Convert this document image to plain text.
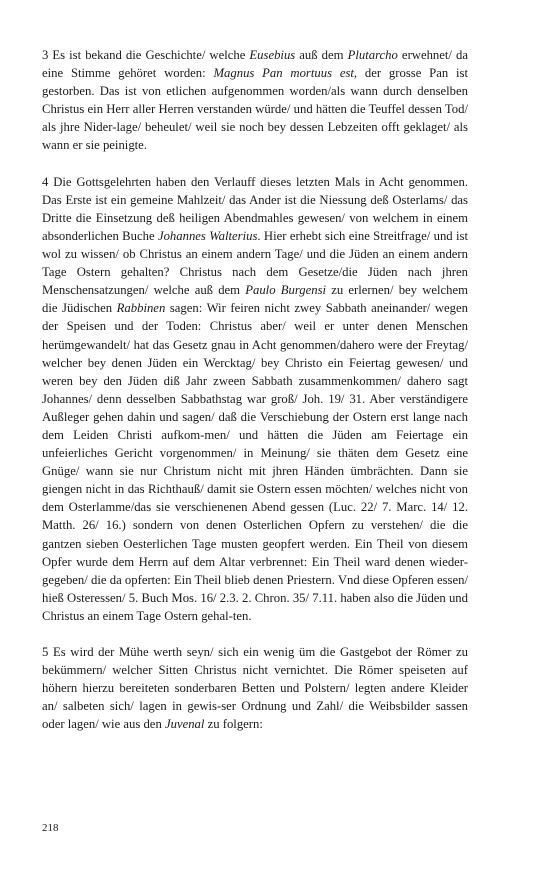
3 Es ist bekand die Geschichte/ welche Eusebius auß dem Plutarcho erwehnet/ da eine Stimme gehöret worden: Magnus Pan mortuus est, der grosse Pan ist gestorben. Das ist von etlichen aufgenommen worden/als wann durch denselben Christus ein Herr aller Herren verstanden würde/ und hätten die Teuffel dessen Tod/ als jhre Nider-lage/ beheulet/ weil sie noch bey dessen Lebzeiten offt geklaget/ als wann er sie peinigte.

4 Die Gottsgelehrten haben den Verlauff dieses letzten Mals in Acht genommen. Das Erste ist ein gemeine Mahlzeit/ das Ander ist die Niessung deß Osterlams/ das Dritte die Einsetzung deß heiligen Abendmahles gewesen/ von welchem in einem absonderlichen Buche Johannes Walterius. Hier erhebt sich eine Streitfrage/ und ist wol zu wissen/ ob Christus an einem andern Tage/ und die Jüden an einem andern Tage Ostern gehalten? Christus nach dem Gesetze/die Jüden nach jhren Menschensatzungen/ welche auß dem Paulo Burgensi zu erlernen/ bey welchem die Jüdischen Rabbinen sagen: Wir feiren nicht zwey Sabbath aneinander/ wegen der Speisen und der Toden: Christus aber/ weil er unter denen Menschen herümgewandelt/ hat das Gesetz gnau in Acht genommen/dahero were der Freytag/ welcher bey denen Jüden ein Wercktag/ bey Christo ein Feiertag gewesen/ und weren bey den Jüden diß Jahr zween Sabbath zusammenkommen/ dahero sagt Johannes/ denn desselben Sabbathstag war groß/ Joh. 19/ 31. Aber verständigere Außleger gehen dahin und sagen/ daß die Verschiebung der Ostern erst lange nach dem Leiden Christi aufkom-men/ und hätten die Jüden am Feiertage ein unfeierliches Gericht vorgenommen/ in Meinung/ sie thäten dem Gesetz eine Gnüge/ wann sie nur Christum nicht mit jhren Händen ümbrächten. Dann sie giengen nicht in das Richthauß/ damit sie Ostern essen möchten/ welches nicht von dem Osterlamme/das sie verschienenen Abend gessen (Luc. 22/ 7. Marc. 14/ 12. Matth. 26/ 16.) sondern von denen Osterlichen Opfern zu verstehen/ die die gantzen sieben Oesterlichen Tage musten geopfert werden. Ein Theil von diesem Opfer wurde dem Herrn auf dem Altar verbrennet: Ein Theil ward denen wieder-gegeben/ die da opferten: Ein Theil blieb denen Priestern. Vnd diese Opferen essen/ hieß Osteressen/ 5. Buch Mos. 16/ 2.3. 2. Chron. 35/ 7.11. haben also die Jüden und Christus an einem Tage Ostern gehal-ten.

5 Es wird der Mühe werth seyn/ sich ein wenig üm die Gastgebot der Römer zu bekümmern/ welcher Sitten Christus nicht vernichtet. Die Römer speiseten auf höhern hierzu bereiteten sonderbaren Betten und Polstern/ legten andere Kleider an/ salbeten sich/ lagen in gewis-ser Ordnung und Zahl/ die Weibsbilder sassen oder lagen/ wie aus den Juvenal zu folgern:

218
